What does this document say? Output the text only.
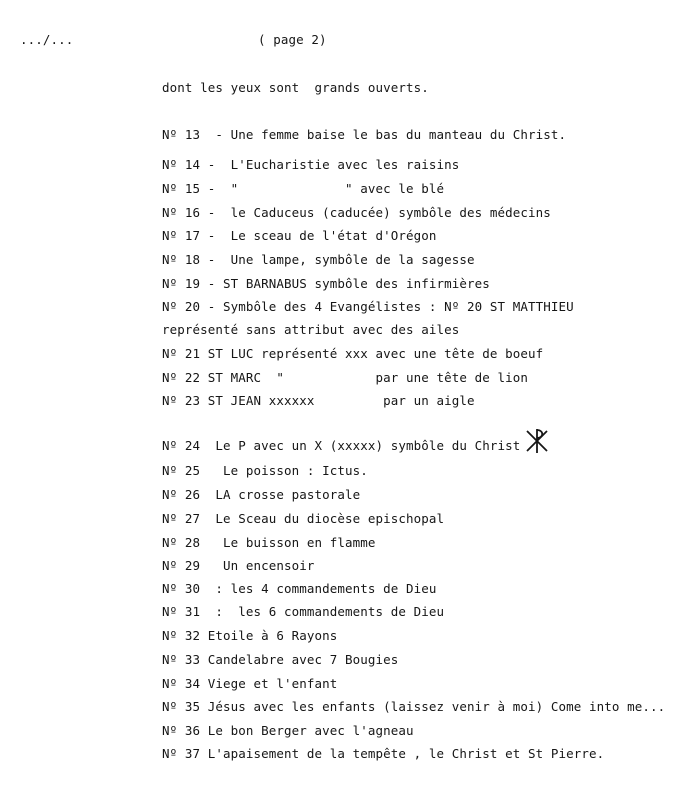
.../...	( page 2)
dont les yeux sont  grands ouverts.
Nº 13  - Une femme baise le bas du manteau du Christ.
Nº 14 -  L'Eucharistie avec les raisins
Nº 15 -  "              " avec le blé
Nº 16 -  le Caduceus (caducée) symbôle des médecins
Nº 17 -  Le sceau de l'état d'Orégon
Nº 18 -  Une lampe, symbôle de la sagesse
Nº 19 - ST BARNABUS symbôle des infirmières
Nº 20 - Symbôle des 4 Evangélistes : Nº 20 ST MATTHIEU
représenté sans attribut avec des ailes
Nº 21 ST LUC représenté xxx avec une tête de boeuf
Nº 22 ST MARC  "            par une tête de lion
Nº 23 ST JEAN xxxxxx         par un aigle
Nº 24  Le P avec un X (xxxxx) symbôle du Christ
Nº 25   Le poisson : Ictus.
Nº 26  LA crosse pastorale
Nº 27  Le Sceau du diocèse epischopal
Nº 28   Le buisson en flamme
Nº 29   Un encensoir
Nº 30  : les 4 commandements de Dieu
Nº 31  :  les 6 commandements de Dieu
Nº 32 Etoile à 6 Rayons
Nº 33 Candelabre avec 7 Bougies
Nº 34 Viege et l'enfant
Nº 35 Jésus avec les enfants (laissez venir à moi) Come into me...
Nº 36 Le bon Berger avec l'agneau
Nº 37 L'apaisement de la tempête , le Christ et St Pierre.
